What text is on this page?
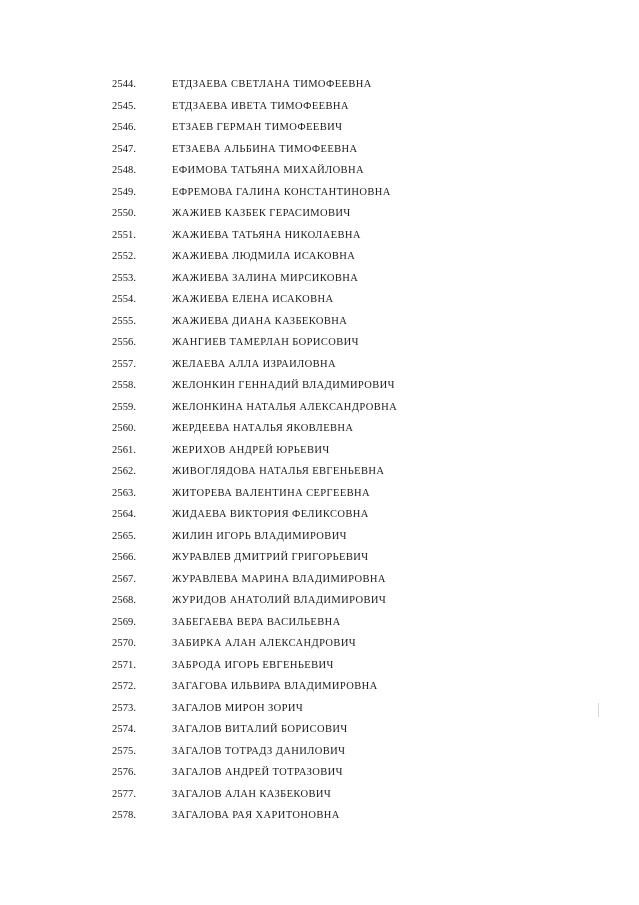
2544.	ЕТДЗАЕВА СВЕТЛАНА ТИМОФЕЕВНА
2545.	ЕТДЗАЕВА ИВЕТА ТИМОФЕЕВНА
2546.	ЕТЗАЕВ ГЕРМАН ТИМОФЕЕВИЧ
2547.	ЕТЗАЕВА АЛЬБИНА ТИМОФЕЕВНА
2548.	ЕФИМОВА ТАТЬЯНА МИХАЙЛОВНА
2549.	ЕФРЕМОВА ГАЛИНА КОНСТАНТИНОВНА
2550.	ЖАЖИЕВ КАЗБЕК ГЕРАСИМОВИЧ
2551.	ЖАЖИЕВА ТАТЬЯНА НИКОЛАЕВНА
2552.	ЖАЖИЕВА ЛЮДМИЛА ИСАКОВНА
2553.	ЖАЖИЕВА ЗАЛИНА МИРСИКОВНА
2554.	ЖАЖИЕВА ЕЛЕНА ИСАКОВНА
2555.	ЖАЖИЕВА ДИАНА КАЗБЕКОВНА
2556.	ЖАНГИЕВ ТАМЕРЛАН БОРИСОВИЧ
2557.	ЖЕЛАЕВА АЛЛА ИЗРАИЛОВНА
2558.	ЖЕЛОНКИН ГЕННАДИЙ ВЛАДИМИРОВИЧ
2559.	ЖЕЛОНКИНА НАТАЛЬЯ АЛЕКСАНДРОВНА
2560.	ЖЕРДЕЕВА НАТАЛЬЯ ЯКОВЛЕВНА
2561.	ЖЕРИХОВ АНДРЕЙ ЮРЬЕВИЧ
2562.	ЖИВОГЛЯДОВА НАТАЛЬЯ ЕВГЕНЬЕВНА
2563.	ЖИТОРЕВА ВАЛЕНТИНА СЕРГЕЕВНА
2564.	ЖИДАЕВА ВИКТОРИЯ ФЕЛИКСОВНА
2565.	ЖИЛИН ИГОРЬ ВЛАДИМИРОВИЧ
2566.	ЖУРАВЛЕВ ДМИТРИЙ ГРИГОРЬЕВИЧ
2567.	ЖУРАВЛЕВА МАРИНА ВЛАДИМИРОВНА
2568.	ЖУРИДОВ АНАТОЛИЙ ВЛАДИМИРОВИЧ
2569.	ЗАБЕГАЕВА ВЕРА ВАСИЛЬЕВНА
2570.	ЗАБИРКА АЛАН АЛЕКСАНДРОВИЧ
2571.	ЗАБРОДА ИГОРЬ ЕВГЕНЬЕВИЧ
2572.	ЗАГАГОВА ИЛЬВИРА ВЛАДИМИРОВНА
2573.	ЗАГАЛОВ МИРОН ЗОРИЧ
2574.	ЗАГАЛОВ ВИТАЛИЙ БОРИСОВИЧ
2575.	ЗАГАЛОВ ТОТРАДЗ ДАНИЛОВИЧ
2576.	ЗАГАЛОВ АНДРЕЙ ТОТРАЗОВИЧ
2577.	ЗАГАЛОВ АЛАН КАЗБЕКОВИЧ
2578.	ЗАГАЛОВА РАЯ ХАРИТОНОВНА
